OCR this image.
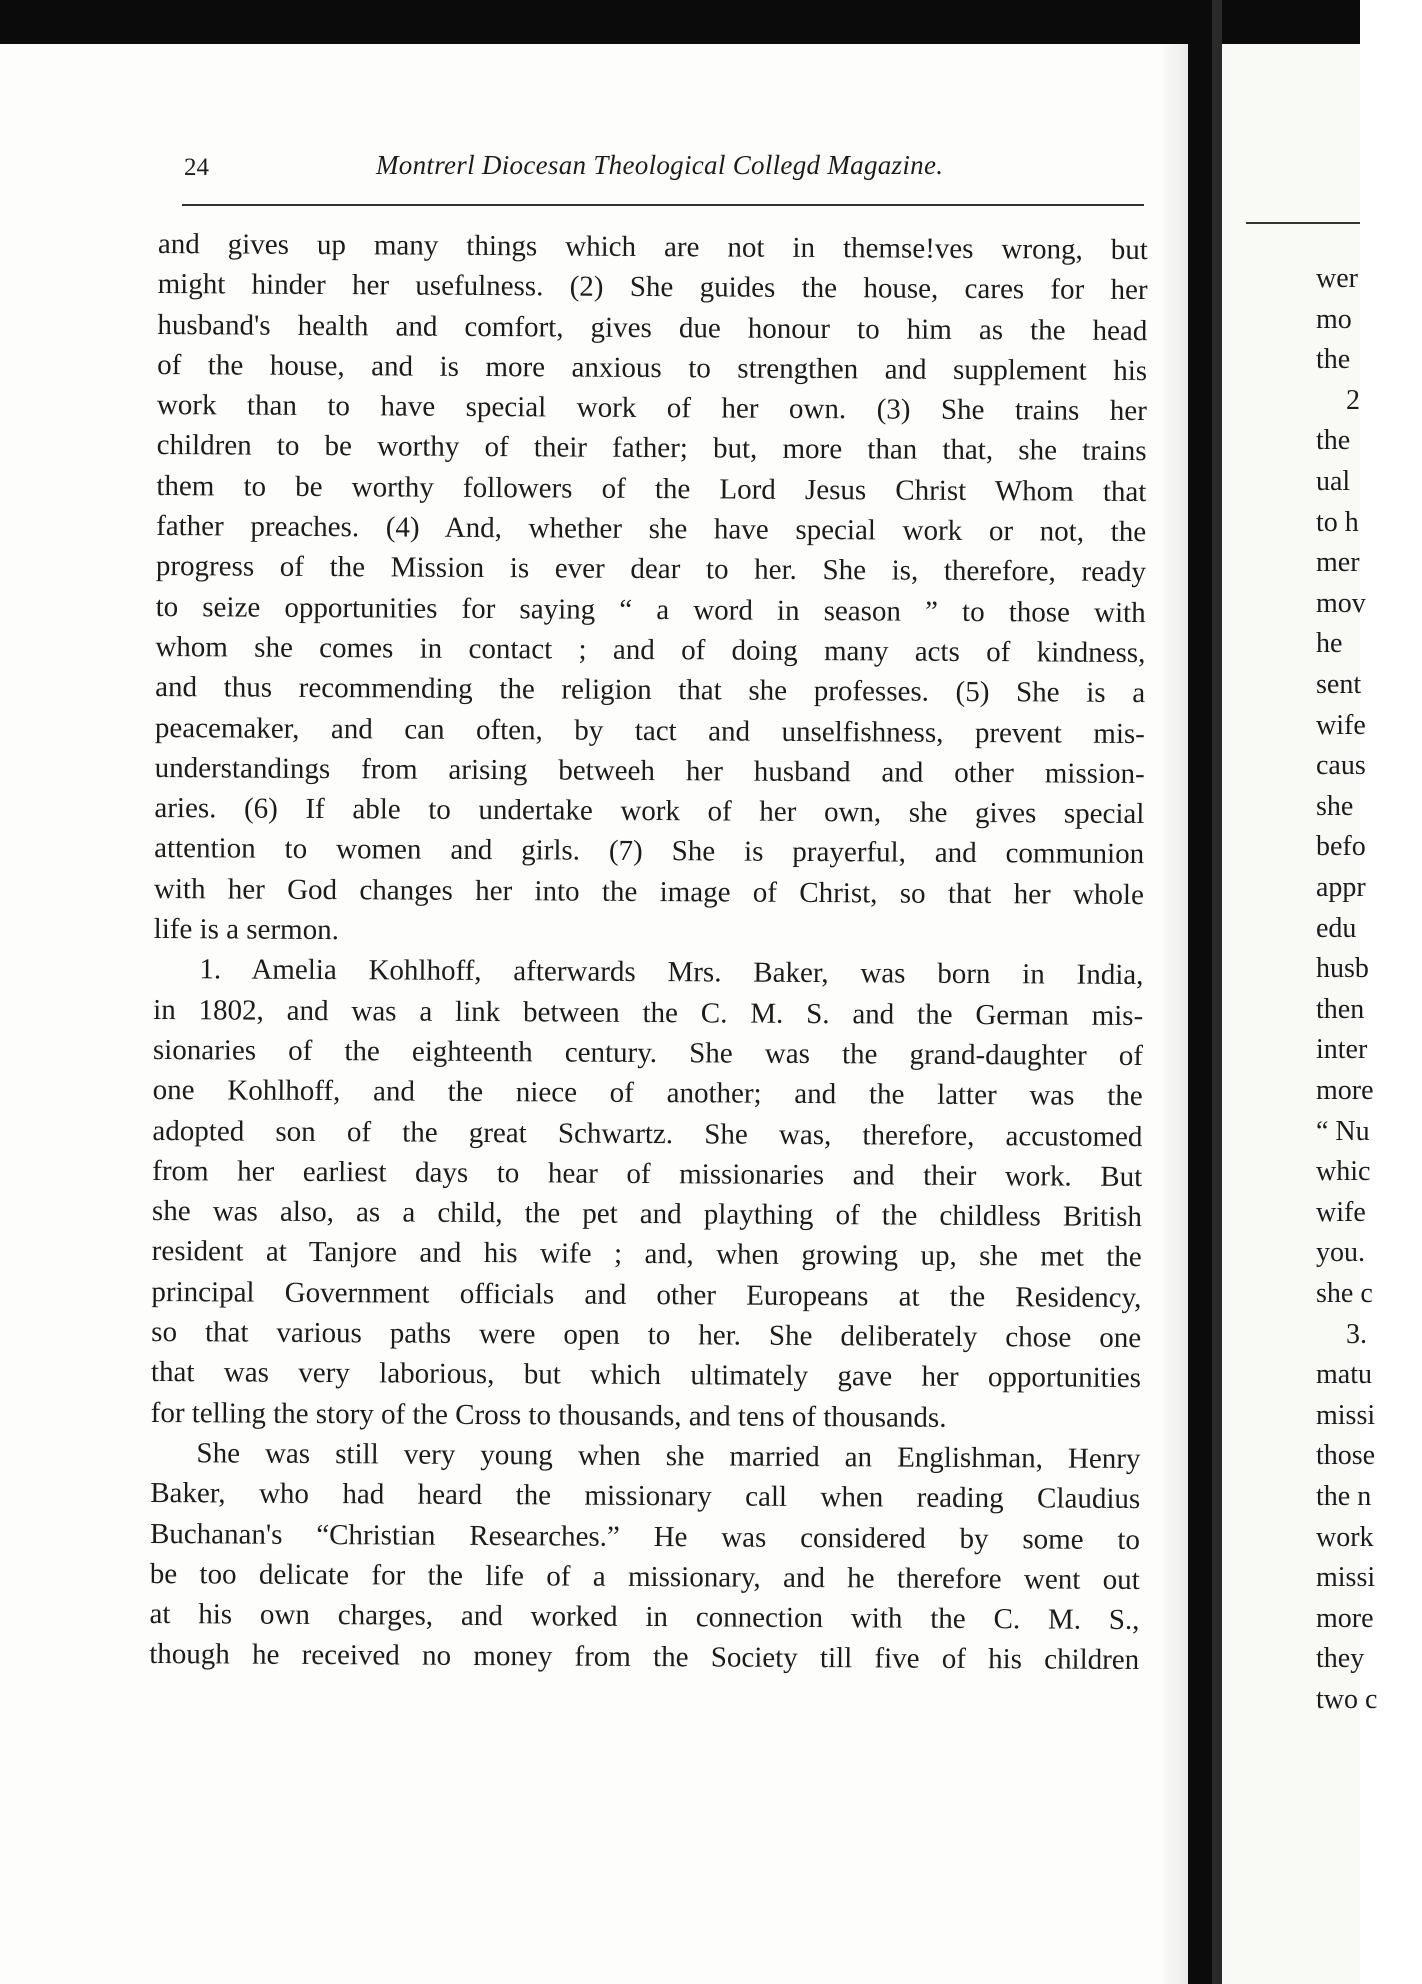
24	Montrerl Diocesan Theological Collegd Magazine.
and gives up many things which are not in themse!ves wrong, but
might hinder her usefulness. (2) She guides the house, cares for her
husband's health and comfort, gives due honour to him as the head
of the house, and is more anxious to strengthen and supplement his
work than to have special work of her own. (3) She trains her
children to be worthy of their father; but, more than that, she trains
them to be worthy followers of the Lord Jesus Christ Whom that
father preaches. (4) And, whether she have special work or not, the
progress of the Mission is ever dear to her. She is, therefore, ready
to seize opportunities for saying “ a word in season ” to those with
whom she comes in contact ; and of doing many acts of kindness,
and thus recommending the religion that she professes. (5) She is a
peacemaker, and can often, by tact and unselfishness, prevent mis-
understandings from arising betweeh her husband and other mission-
aries. (6) If able to undertake work of her own, she gives special
attention to women and girls. (7) She is prayerful, and communion
with her God changes her into the image of Christ, so that her whole
life is a sermon.
1. Amelia Kohlhoff, afterwards Mrs. Baker, was born in India,
in 1802, and was a link between the C. M. S. and the German mis-
sionaries of the eighteenth century. She was the grand-daughter of
one Kohlhoff, and the niece of another; and the latter was the
adopted son of the great Schwartz. She was, therefore, accustomed
from her earliest days to hear of missionaries and their work. But
she was also, as a child, the pet and plaything of the childless British
resident at Tanjore and his wife ; and, when growing up, she met the
principal Government officials and other Europeans at the Residency,
so that various paths were open to her. She deliberately chose one
that was very laborious, but which ultimately gave her opportunities
for telling the story of the Cross to thousands, and tens of thousands.
She was still very young when she married an Englishman, Henry
Baker, who had heard the missionary call when reading Claudius
Buchanan's “Christian Researches.” He was considered by some to
be too delicate for the life of a missionary, and he therefore went out
at his own charges, and worked in connection with the C. M. S.,
though he received no money from the Society till five of his children
wer
mo
the
2
the
ual
to h
mer
mov
he
sent
wife
caus
she
befo
appr
edu
husb
then
inter
more
“ Nu
whic
wife
you.
she c
3.
matu
missi
those
the n
work
missi
more
they
two c
